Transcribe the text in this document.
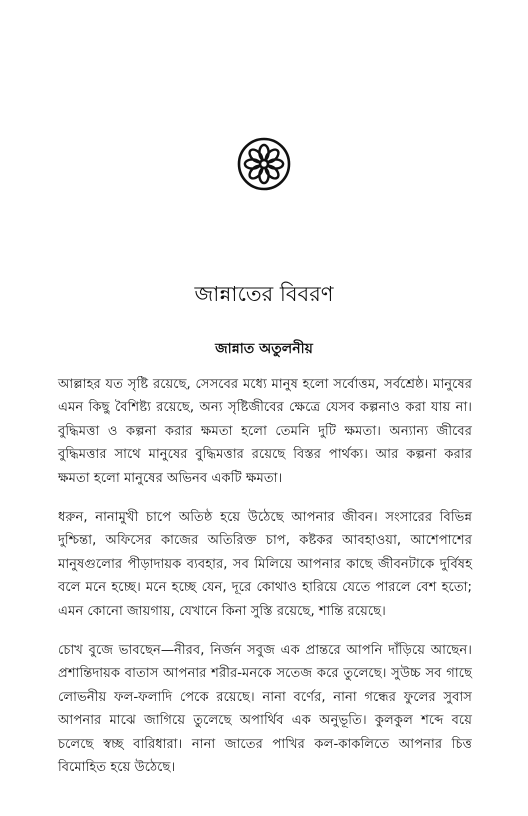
জান্নাতের বিবরণ
জান্নাত অতুলনীয়

আল্লাহর যত সৃষ্টি রয়েছে, সেসবের মধ্যে মানুষ হলো সর্বোত্তম, সর্বশ্রেষ্ঠ। মানুষের এমন কিছু বৈশিষ্ট্য রয়েছে, অন্য সৃষ্টিজীবের ক্ষেত্রে যেসব কল্পনাও করা যায় না। বুদ্ধিমত্তা ও কল্পনা করার ক্ষমতা হলো তেমনি দুটি ক্ষমতা। অন্যান্য জীবের বুদ্ধিমত্তার সাথে মানুষের বুদ্ধিমত্তার রয়েছে বিস্তর পার্থক্য। আর কল্পনা করার ক্ষমতা হলো মানুষের অভিনব একটি ক্ষমতা।

ধরুন, নানামুখী চাপে অতিষ্ঠ হয়ে উঠেছে আপনার জীবন। সংসারের বিভিন্ন দুশ্চিন্তা, অফিসের কাজের অতিরিক্ত চাপ, কষ্টকর আবহাওয়া, আশেপাশের মানুষগুলোর পীড়াদায়ক ব্যবহার, সব মিলিয়ে আপনার কাছে জীবনটাকে দুর্বিষহ বলে মনে হচ্ছে। মনে হচ্ছে যেন, দূরে কোথাও হারিয়ে যেতে পারলে বেশ হতো; এমন কোনো জায়গায়, যেখানে কিনা সুস্তি রয়েছে, শান্তি রয়েছে।

চোখ বুজে ভাবছেন—নীরব, নির্জন সবুজ এক প্রান্তরে আপনি দাঁড়িয়ে আছেন। প্রশান্তিদায়ক বাতাস আপনার শরীর-মনকে সতেজ করে তুলেছে। সুউচ্চ সব গাছে লোভনীয় ফল-ফলাদি পেকে রয়েছে। নানা বর্ণের, নানা গন্ধের ফুলের সুবাস আপনার মাঝে জাগিয়ে তুলেছে অপার্থিব এক অনুভূতি। কুলকুল শব্দে বয়ে চলেছে স্বচ্ছ বারিধারা। নানা জাতের পাখির কল-কাকলিতে আপনার চিত্ত বিমোহিত হয়ে উঠেছে।
